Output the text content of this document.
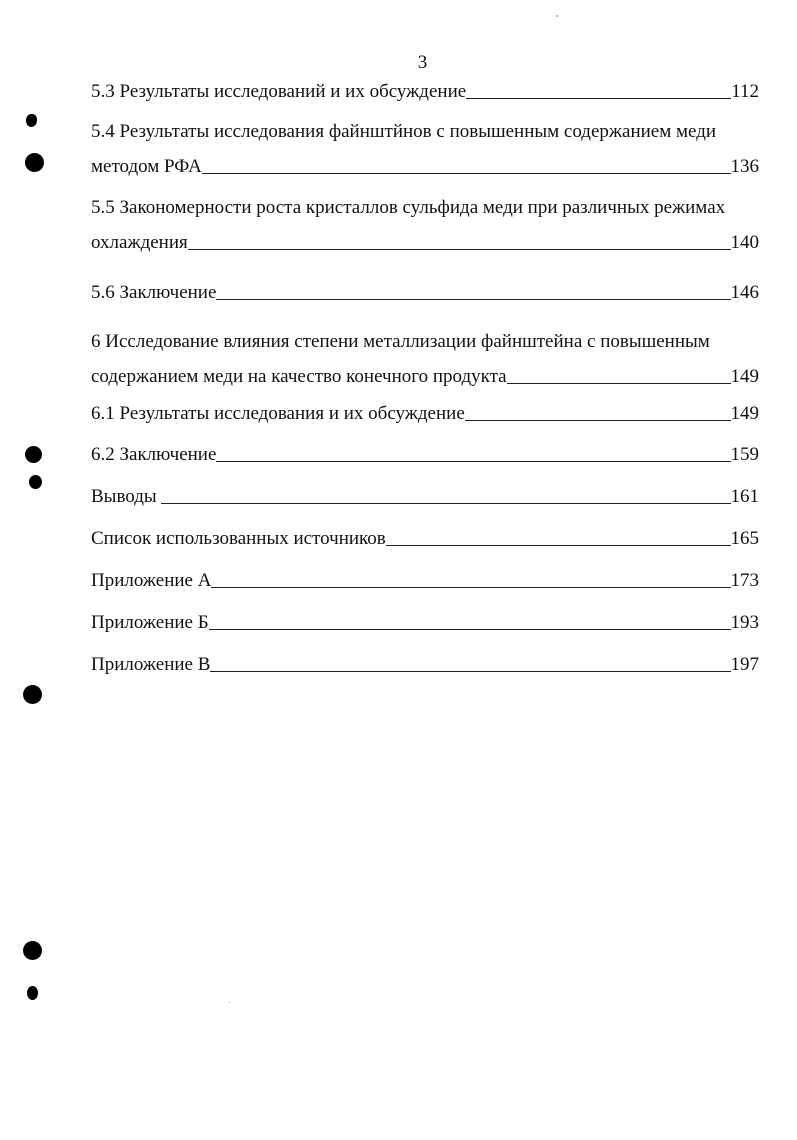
3
5.3 Результаты исследований и их обсуждение	112
5.4 Результаты исследования файнштйнов с повышенным содержанием меди
методом РФА	136
5.5 Закономерности роста кристаллов сульфида меди при различных режимах
охлаждения	140
5.6 Заключение	146
6 Исследование влияния степени металлизации файнштейна с повышенным
содержанием меди на качество конечного продукта	149
6.1 Результаты исследования и их обсуждение	149
6.2 Заключение	159
Выводы	161
Список использованных источников	165
Приложение А	173
Приложение Б	193
Приложение В	197
